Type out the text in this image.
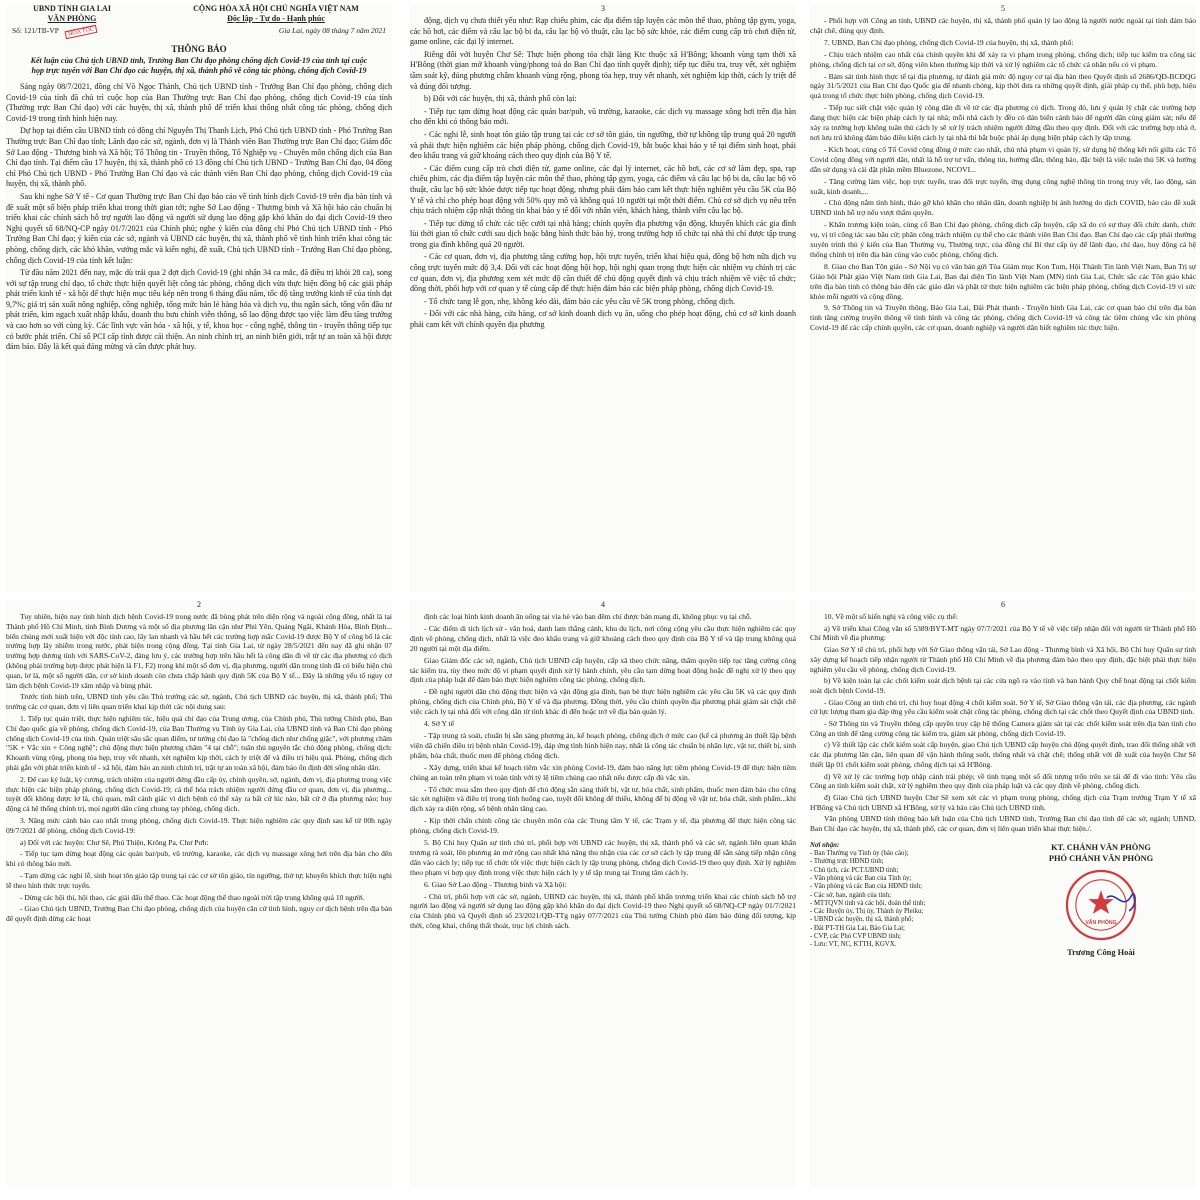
UBND TỈNH GIA LAI
VĂN PHÒNG
CỘNG HÒA XÃ HỘI CHỦ NGHĨA VIỆT NAM
Độc lập - Tự do - Hạnh phúc
Số: 121/TB-VP HỎA TỐC	Gia Lai, ngày 08 tháng 7 năm 2021
THÔNG BÁO
Kết luận của Chủ tịch UBND tỉnh, Trưởng Ban Chỉ đạo phòng chống dịch Covid-19 của tỉnh tại cuộc họp trực tuyến với Ban Chỉ đạo các huyện, thị xã, thành phố về công tác phòng, chống dịch Covid-19

Sáng ngày 08/7/2021, đồng chí Võ Ngọc Thành, Chủ tịch UBND tỉnh - Trưởng Ban Chỉ đạo phòng, chống dịch Covid-19 của tỉnh đã chủ trì cuộc họp của Ban Thường trực Ban Chỉ đạo phòng, chống dịch Covid-19 của tỉnh (Thường trực Ban Chỉ đạo) với các huyện, thị xã, thành phố để triển khai thống nhất công tác phòng, chống dịch Covid-19 trong tình hình hiện nay.

Dự họp tại điểm cầu UBND tỉnh có đồng chí Nguyễn Thị Thanh Lịch, Phó Chủ tịch UBND tỉnh - Phó Trưởng Ban Thường trực Ban Chỉ đạo tỉnh; Lãnh đạo các sở, ngành, đơn vị là Thành viên Ban Thường trực Ban Chỉ đạo; Giám đốc Sở Lao động - Thương binh và Xã hội; Tổ Thông tin - Truyền thông, Tổ Nghiệp vụ - Chuyên môn chống dịch của Ban Chỉ đạo tỉnh. Tại điểm cầu 17 huyện, thị xã, thành phố có 13 đồng chí Chủ tịch UBND - Trưởng Ban Chỉ đạo, 04 đồng chí Phó Chủ tịch UBND - Phó Trưởng Ban Chỉ đạo và các thành viên Ban Chỉ đạo phòng, chống dịch Covid-19 của huyện, thị xã, thành phố.

Sau khi nghe Sở Y tế - Cơ quan Thường trực Ban Chỉ đạo báo cáo về tình hình dịch Covid-19 trên địa bàn tỉnh và đề xuất một số biện pháp triển khai trong thời gian tới; nghe Sở Lao động - Thương binh và Xã hội báo cáo chuẩn bị triển khai các chính sách hỗ trợ người lao động và người sử dụng lao động gặp khó khăn do đại dịch Covid-19 theo Nghị quyết số 68/NQ-CP ngày 01/7/2021 của Chính phủ; nghe ý kiến của đồng chí Phó Chủ tịch UBND tỉnh - Phó Trưởng Ban Chỉ đạo; ý kiến của các sở, ngành và UBND các huyện, thị xã, thành phố về tình hình triển khai công tác phòng, chống dịch, các khó khăn, vướng mắc và kiến nghị, đề xuất, Chủ tịch UBND tỉnh - Trưởng Ban Chỉ đạo phòng, chống dịch Covid-19 của tỉnh kết luận:

Từ đầu năm 2021 đến nay, mặc dù trải qua 2 đợt dịch Covid-19 (ghi nhận 34 ca mắc, đã điều trị khỏi 28 ca), song với sự tập trung chỉ đạo, tổ chức thực hiện quyết liệt công tác phòng, chống dịch vừa thực hiện đồng bộ các giải pháp phát triển kinh tế - xã hội để thực hiện mục tiêu kép nên trong 6 tháng đầu năm, tốc độ tăng trưởng kinh tế của tỉnh đạt 9,7%; giá trị sản xuất nông nghiệp, công nghiệp, tổng mức bán lẻ hàng hóa và dịch vụ, thu ngân sách, tổng vốn đầu tư phát triển, kim ngạch xuất nhập khẩu, doanh thu bưu chính viễn thông, số lao động được tạo việc làm đều tăng trưởng và cao hơn so với cùng kỳ. Các lĩnh vực văn hóa - xã hội, y tế, khoa học - công nghệ, thông tin - truyền thông tiếp tục có bước phát triển. Chỉ số PCI cấp tỉnh được cải thiện. An ninh chính trị, an ninh biên giới, trật tự an toàn xã hội được đảm bảo. Đây là kết quả đáng mừng và cần được phát huy.

3

động, dịch vụ chưa thiết yếu như: Rạp chiếu phim, các địa điểm tập luyện các môn thể thao, phòng tập gym, yoga, các hồ bơi, các điểm và câu lạc bộ bi da, câu lạc bộ võ thuật, câu lạc bộ sức khỏe, các điểm cung cấp trò chơi điện tử, game online, các đại lý internet.

Riêng đối với huyện Chư Sê: Thực hiện phong tỏa chặt làng Ktc thuộc xã H'Bông; khoanh vùng tạm thời xã H'Bông (thời gian mở khoanh vùng/phong toả do Ban Chỉ đạo tỉnh quyết định); tiếp tục điều tra, truy vết, xét nghiệm tầm soát kỹ, đúng phương châm khoanh vùng rộng, phong tỏa hẹp, truy vết nhanh, xét nghiệm kịp thời, cách ly triệt để và đúng đối tượng.

b) Đối với các huyện, thị xã, thành phố còn lại:

- Tiếp tục tạm dừng hoạt động các quán bar/pub, vũ trường, karaoke, các dịch vụ massage xông hơi trên địa bàn cho đến khi có thông báo mới.

- Các nghi lễ, sinh hoạt tôn giáo tập trung tại các cơ sở tôn giáo, tín ngưỡng, thờ tự không tập trung quá 20 người và phải thực hiện nghiêm các biện pháp phòng, chống dịch Covid-19, bắt buộc khai báo y tế tại điểm sinh hoạt, phải đeo khẩu trang và giữ khoảng cách theo quy định của Bộ Y tế.

- Các điểm cung cấp trò chơi điện tử, game online, các đại lý internet, các hồ bơi, các cơ sở làm đẹp, spa, rạp chiếu phim, các địa điểm tập luyện các môn thể thao, phòng tập gym, yoga, các điểm và câu lạc bộ bi da, câu lạc bộ võ thuật, câu lạc bộ sức khỏe được tiếp tục hoạt động, nhưng phải đảm bảo cam kết thực hiện nghiêm yêu cầu 5K của Bộ Y tế và chỉ cho phép hoạt động với 50% quy mô và không quá 10 người tại một thời điểm. Chủ cơ sở dịch vụ nêu trên chịu trách nhiệm cập nhật thông tin khai báo y tế đối với nhân viên, khách hàng, thành viên câu lạc bộ.

- Tiếp tục dừng tổ chức các tiệc cưới tại nhà hàng; chính quyền địa phương vận động, khuyến khích các gia đình lùi thời gian tổ chức cưới sau dịch hoặc bằng hình thức báo hỷ, trong trường hợp tổ chức tại nhà thì chỉ được tập trung trong gia đình không quá 20 người.

- Các cơ quan, đơn vị, địa phương tăng cường họp, hội trực tuyến, triển khai hiệu quả, đồng bộ hơn nữa dịch vụ công trực tuyến mức độ 3,4. Đối với các hoạt động hội họp, hội nghị quan trọng thực hiện các nhiệm vụ chính trị các cơ quan, đơn vị, địa phương xem xét mức độ cần thiết để chủ động quyết định và chịu trách nhiệm về việc tổ chức; đồng thời, phối hợp với cơ quan y tế cùng cấp để thực hiện đảm bảo các biện pháp phòng, chống dịch Covid-19.

- Tổ chức tang lễ gọn, nhẹ, không kéo dài, đảm bảo các yêu cầu về 5K trong phòng, chống dịch.

- Đối với các nhà hàng, cửa hàng, cơ sở kinh doanh dịch vụ ăn, uống cho phép hoạt động, chủ cơ sở kinh doanh phải cam kết với chính quyền địa phương

5

- Phối hợp với Công an tỉnh, UBND các huyện, thị xã, thành phố quản lý lao động là người nước ngoài tại tỉnh đảm bảo chặt chẽ, đúng quy định.

7. UBND, Ban Chỉ đạo phòng, chống dịch Covid-19 của huyện, thị xã, thành phố:

- Chịu trách nhiệm cao nhất của chính quyền khi để xảy ra vi phạm trong phòng, chống dịch; tiếp tục kiểm tra công tác phòng, chống dịch tại cơ sở, động viên khen thưởng kịp thời và xử lý nghiêm các tổ chức cá nhân nếu có vi phạm.

- Bám sát tình hình thực tế tại địa phương, tự đánh giá mức độ nguy cơ tại địa bàn theo Quyết định số 2686/QĐ-BCĐQG ngày 31/5/2021 của Ban Chỉ đạo Quốc gia để nhanh chóng, kịp thời đưa ra những quyết định, giải pháp cụ thể, phù hợp, hiệu quả trong tổ chức thực hiện phòng, chống dịch Covid-19.

- Tiếp tục siết chặt việc quản lý công dân đi về từ các địa phương có dịch. Trong đó, lưu ý quản lý chặt các trường hợp đang thực hiện các biện pháp cách ly tại nhà; mỗi nhà cách ly đều có dán biển cảnh báo để người dân cùng giám sát; nếu để xảy ra trường hợp không tuân thủ cách ly sẽ xử lý trách nhiệm người đứng đầu theo quy định. Đối với các trường hợp nhà ở, nơi lưu trú không đảm bảo điều kiện cách ly tại nhà thì bắt buộc phải áp dụng biện pháp cách ly tập trung.

- Kích hoạt, củng cố Tổ Covid cộng đồng ở mức cao nhất, chủ nhà phạm vi quản lý, sử dụng hệ thống kết nối giữa các Tổ Covid cộng đồng với người dân, nhất là hỗ trợ tư vấn, thông tin, hướng dẫn, thông báo, đặc biệt là việc tuân thủ 5K và hướng dẫn sử dụng và cài đặt phần mềm Bluezone, NCOVI...

- Tăng cường làm việc, họp trực tuyến, trao đổi trực tuyến, ứng dụng công nghệ thông tin trong truy vết, lao động, sản xuất, kinh doanh,...

- Chủ động nắm tình hình, tháo gỡ khó khăn cho nhân dân, doanh nghiệp bị ảnh hưởng do dịch COVID, báo cáo đề xuất UBND tỉnh hỗ trợ nếu vượt thẩm quyền.

- Khẩn trương kiện toàn, củng cố Ban Chỉ đạo phòng, chống dịch cấp huyện, cấp xã do có sự thay đổi chức danh, chức vụ, vị trí công tác sau bầu cử; phân công trách nhiệm cụ thể cho các thành viên Ban Chỉ đạo. Ban Chỉ đạo các cấp phải thường xuyên trình thủ ý kiến của Ban Thường vụ, Thường trực, của đồng chí Bí thư cấp ủy để lãnh đạo, chỉ đạo, huy động cả hệ thống chính trị trên địa bàn cùng vào cuộc phòng, chống dịch.

8. Giao cho Ban Tôn giáo - Sở Nội vụ có văn bản gửi Tòa Giám mục Kon Tum, Hội Thánh Tin lành Việt Nam, Ban Trị sự Giáo hội Phật giáo Việt Nam tỉnh Gia Lai, Ban đại diện Tin lành Việt Nam (MN) tỉnh Gia Lai, Chức sắc các Tôn giáo khác trên địa bàn tỉnh có thông báo đến các giáo dân và phật tử thực hiện nghiêm các biện pháp phòng, chống dịch Covid-19 vì sức khỏe mỗi người và cộng đồng.

9. Sở Thông tin và Truyền thông, Báo Gia Lai, Đài Phát thanh - Truyền hình Gia Lai, các cơ quan báo chí trên địa bàn tỉnh tăng cường truyền thông về tình hình và công tác phòng, chống dịch Covid-19 và công tác tiêm chủng vắc xin phòng Covid-19 để các cấp chính quyền, các cơ quan, doanh nghiệp và người dân biết nghiêm túc thực hiện.

2

Tuy nhiên, hiện nay tình hình dịch bệnh Covid-19 trong nước đã bùng phát trên diện rộng và ngoài cộng đồng, nhất là tại Thành phố Hồ Chí Minh, tỉnh Bình Dương và một số địa phương lân cận như Phú Yên, Quảng Ngãi, Khánh Hòa, Bình Định... biến chủng mới xuất hiện với độc tính cao, lây lan nhanh và hầu hết các trường hợp mắc Covid-19 được Bộ Y tế công bố là các trường hợp lây nhiễm trong nước, phát hiện trong cộng đồng. Tại tỉnh Gia Lai, từ ngày 28/5/2021 đến nay đã ghi nhận 07 trường hợp dương tính với SARS-CoV-2, đáng lưu ý, các trường hợp trên hầu hết là công dân đi về từ các địa phương có dịch (không phải trường hợp được phát hiện là F1, F2) trong khi một số đơn vị, địa phương, người dân trong tỉnh đã có biểu hiện chủ quan, lơ là, một số người dân, cơ sở kinh doanh còn chưa chấp hành quy định 5K của Bộ Y tế... Đây là những yếu tố nguy cơ làm dịch bệnh Covid-19 xâm nhập và bùng phát.

Trước tình hình trên, UBND tỉnh yêu cầu Thủ trưởng các sở, ngành, Chủ tịch UBND các huyện, thị xã, thành phố; Thủ trưởng các cơ quan, đơn vị liên quan triển khai kịp thời các nội dung sau:

1. Tiếp tục quán triệt, thực hiện nghiêm túc, hiệu quả chỉ đạo của Trung ương, của Chính phủ, Thủ tướng Chính phủ, Ban Chỉ đạo quốc gia về phòng, chống dịch Covid-19, của Ban Thường vụ Tỉnh ủy Gia Lai, của UBND tỉnh và Ban Chỉ đạo phòng chống dịch Covid-19 của tỉnh. Quán triệt sâu sắc quan điểm, tư tưởng chỉ đạo là "chống dịch như chống giặc", với phương châm "5K + Vắc xin + Công nghệ"; chủ động thực hiện phương châm "4 tại chỗ"; tuân thủ nguyên tắc chủ động phòng, chống dịch: Khoanh vùng rộng, phong tỏa hẹp, truy vết nhanh, xét nghiệm kịp thời, cách ly triệt để và điều trị hiệu quả. Phòng, chống dịch phải gắn với phát triển kinh tế - xã hội, đảm bảo an ninh chính trị, trật tự an toàn xã hội, đảm bảo ổn định đời sống nhân dân.

2. Để cao kỷ luật, kỷ cương, trách nhiệm của người đứng đầu cấp ủy, chính quyền, sở, ngành, đơn vị, địa phương trong việc thực hiện các biện pháp phòng, chống dịch Covid-19; cá thể hóa trách nhiệm người đứng đầu cơ quan, đơn vị, địa phương... tuyệt đối không được lơ là, chủ quan, mất cảnh giác vì dịch bệnh có thể xảy ra bất cứ lúc nào, bất cứ ở địa phương nào; huy động cả hệ thống chính trị, mọi người dân cùng chung tay phòng, chống dịch.

3. Nâng mức cảnh báo cao nhất trong phòng, chống dịch Covid-19. Thực hiện nghiêm các quy định sau kể từ 00h ngày 09/7/2021 để phòng, chống dịch Covid-19:

a) Đối với các huyện: Chư Sê, Phú Thiện, Krông Pa, Chư Pưh:

- Tiếp tục tạm dừng hoạt động các quán bar/pub, vũ trường, karaoke, các dịch vụ massage xông hơi trên địa bàn cho đến khi có thông báo mới.

- Tạm dừng các nghi lễ, sinh hoạt tôn giáo tập trung tại các cơ sở tôn giáo, tín ngưỡng, thờ tự; khuyến khích thực hiện nghi lễ theo hình thức trực tuyến.

- Dừng các hội thi, hội thao, các giải đấu thể thao. Các hoạt động thể thao ngoài trời tập trung không quá 10 người.

- Giao Chủ tịch UBND, Trưởng Ban Chỉ đạo phòng, chống dịch của huyện căn cứ tình hình, nguy cơ dịch bệnh trên địa bàn để quyết định dừng các hoạt

4

định các loại hình kinh doanh ăn uống tại vỉa hè vào ban đêm chỉ được bán mang đi, không phục vụ tại chỗ.

- Các điểm di tích lịch sử - văn hoá, danh lam thắng cảnh, khu du lịch, nơi công cộng yêu cầu thực hiện nghiêm các quy định về phòng, chống dịch, nhất là việc đeo khẩu trang và giữ khoảng cách theo quy định của Bộ Y tế và tập trung không quá 20 người tại một địa điểm.

Giao Giám đốc các sở, ngành, Chủ tịch UBND cấp huyện, cấp xã theo chức năng, thẩm quyền tiếp tục tăng cường công tác kiểm tra, tùy theo mức độ vi phạm quyết định xử lý hành chính, yêu cầu tạm dừng hoạt động hoặc đề nghị xử lý theo quy định của pháp luật để đảm bảo thực hiện nghiêm công tác phòng, chống dịch.

- Đề nghị người dân chủ động thực hiện và vận động gia đình, bạn bè thực hiện nghiêm các yêu cầu 5K và các quy định phòng, chống dịch của Chính phủ, Bộ Y tế và địa phương. Đồng thời, yêu cầu chính quyền địa phương phải giám sát chặt chẽ việc cách ly tại nhà đối với công dân từ tỉnh khác đi đến hoặc trở về địa bàn quản lý.

4. Sở Y tế

- Tập trung rà soát, chuẩn bị sẵn sàng phương án, kế hoạch phòng, chống dịch ở mức cao (kể cả phương án thiết lập bệnh viện dã chiến điều trị bệnh nhân Covid-19), đáp ứng tình hình hiện nay, nhất là công tác chuẩn bị nhân lực, vật tư, thiết bị, sinh phẩm, hóa chất, thuốc men để phòng chống dịch.

- Xây dựng, triển khai kế hoạch tiêm vắc xin phòng Covid-19, đảm bảo nâng lực tiêm phòng Covid-19 để thực hiện tiêm chủng an toàn trên phạm vi toàn tỉnh với tỷ lệ tiêm chủng cao nhất nếu được cấp đủ vắc xin.

- Tổ chức mua sắm theo quy định để chủ động sẵn sàng thiết bị, vật tư, hóa chất, sinh phẩm, thuốc men đảm bảo cho công tác xét nghiệm và điều trị trong tình huống cao, tuyệt đối không để thiếu, không để bị động về vật tư, hóa chất, sinh phẩm...khi dịch xảy ra diện rộng, số bệnh nhân tăng cao.

- Kịp thời chấn chỉnh công tác chuyên môn của các Trung tâm Y tế, các Trạm y tế, địa phương để thực hiện công tác phòng, chống dịch Covid-19.

5. Bộ Chỉ huy Quân sự tỉnh chủ trì, phối hợp với UBND các huyện, thị xã, thành phố và các sở, ngành liên quan khẩn trương rà soát, lên phương án mở rộng cao nhất khả năng thu nhận của các cơ sở cách ly tập trung để sẵn sàng tiếp nhận công dân vào cách ly; tiếp tục tổ chức tốt việc thực hiện cách ly tập trung phòng, chống dịch Covid-19 theo quy định. Xử lý nghiêm theo phạm vi hợp quy định trong việc thực hiện cách ly y tế tập trung tại Trung tâm cách ly.

6. Giao Sở Lao động - Thương binh và Xã hội:

- Chủ trì, phối hợp với các sở, ngành, UBND các huyện, thị xã, thành phố khẩn trương triển khai các chính sách hỗ trợ người lao động và người sử dụng lao động gặp khó khăn do đại dịch Covid-19 theo Nghị quyết số 68/NQ-CP ngày 01/7/2021 của Chính phủ và Quyết định số 23/2021/QĐ-TTg ngày 07/7/2021 của Thủ tướng Chính phủ đảm bảo đúng đối tượng, kịp thời, công khai, chống thất thoát, trục lợi chính sách.

6

10. Về một số kiến nghị và công việc cụ thể:

a) Về triển khai Công văn số 5389/BYT-MT ngày 07/7/2021 của Bộ Y tế về việc tiếp nhận đối với người từ Thành phố Hồ Chí Minh về địa phương:

Giao Sở Y tế chủ trì, phối hợp với Sở Giao thông vận tải, Sở Lao động - Thương binh và Xã hội, Bộ Chỉ huy Quân sự tỉnh xây dựng kế hoạch tiếp nhận người từ Thành phố Hồ Chí Minh về địa phương đảm bảo theo quy định, đặc biệt phải thực hiện nghiêm yêu cầu về phòng, chống dịch Covid-19.

b) Về kiện toàn lại các chốt kiểm soát dịch bệnh tại các cửa ngõ ra vào tỉnh và ban hành Quy chế hoạt động tại chốt kiểm soát dịch bệnh Covid-19.

- Giao Công an tỉnh chủ trì, chỉ huy hoạt động 4 chốt kiểm soát. Sở Y tế, Sở Giao thông vận tải, các địa phương, các ngành cử lực lượng tham gia đáp ứng yêu cầu kiểm soát chặt công tác phòng, chống dịch tại các chốt theo Quyết định của UBND tỉnh.

- Sở Thông tin và Truyền thông cấp quyền truy cập hệ thống Camera giám sát tại các chốt kiểm soát trên địa bàn tỉnh cho Công an tỉnh để tăng cường công tác kiểm tra, giám sát phòng, chống dịch Covid-19.

c) Về thiết lập các chốt kiểm soát cấp huyện, giao Chủ tịch UBND cấp huyện chủ động quyết định, trao đổi thống nhất với các địa phương lân cận, liên quan để vận hành thông suốt, thống nhất và chặt chẽ; thống nhất với đề xuất của huyện Chư Sê thiết lập 01 chốt kiểm soát phòng, chống dịch tại xã H'Bông.

d) Về xử lý các trường hợp nhập cảnh trái phép; về tình trạng một số đối tượng trốn trên xe tải để đi vào tỉnh: Yêu cầu Công an tỉnh kiểm soát chặt, xử lý nghiêm theo quy định của pháp luật và các quy định về phòng, chống dịch.

đ) Giao Chủ tịch UBND huyện Chư Sê xem xét các vi phạm trong phòng, chống dịch của Trạm trưởng Trạm Y tế xã H'Bông và Chủ tịch UBND xã H'Bông, xử lý và báo cáo Chủ tịch UBND tỉnh.

Văn phòng UBND tỉnh thông báo kết luận của Chủ tịch UBND tỉnh, Trưởng Ban chỉ đạo tỉnh để các sở, ngành; UBND, Ban Chỉ đạo các huyện, thị xã, thành phố, các cơ quan, đơn vị liên quan triển khai thực hiện./.

Nơi nhận:
- Ban Thường vụ Tỉnh ủy (báo cáo);
- Thường trực HĐND tỉnh;
- Chủ tịch, các PCT.UBND tỉnh;
- Văn phòng và các Ban của Tỉnh ủy;
- Văn phòng và các Ban của HĐND tỉnh;
- Các sở, ban, ngành của tỉnh;
- MTTQVN tỉnh và các hội, đoàn thể tỉnh;
- Các Huyện ủy, Thị ủy, Thành ủy Pleiku;
- UBND các huyện, thị xã, thành phố;
- Đài PT-TH Gia Lai, Báo Gia Lai;
- CVP, các Phó CVP UBND tỉnh;
- Lưu: VT, NC, KTTH, KGVX.
KT. CHÁNH VĂN PHÒNG
PHÓ CHÁNH VĂN PHÒNG
VĂN PHÒNG
Trương Công Hoài
